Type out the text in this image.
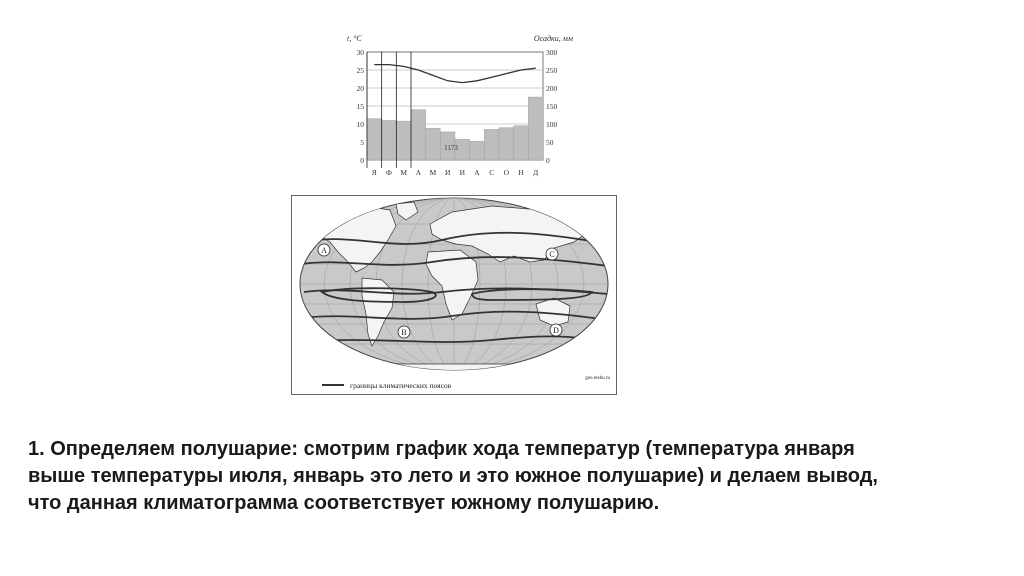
t, °C	Осадки, мм
30
25
20
15
10
5
0
300
250
200
150
100
50
0
Я Ф М А М И И А С О Н Д
1173
A
B
C
D
границы климатических поясов
geo.reshu.ru

1. Определяем полушарие: смотрим график хода температур (температура января
выше температуры июля, январь это лето и это южное полушарие) и делаем вывод,
что данная климатограмма соответствует южному полушарию.
